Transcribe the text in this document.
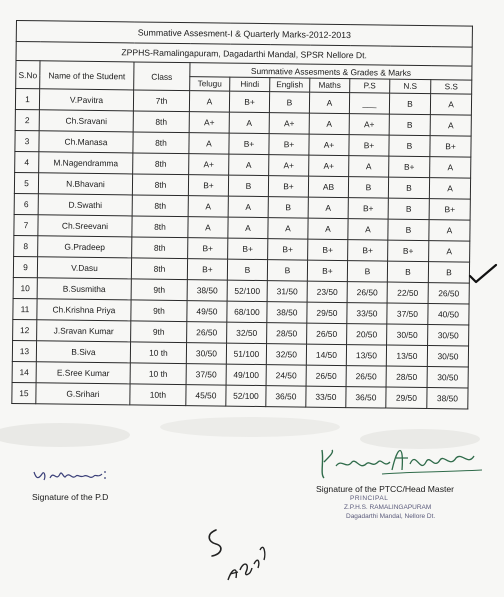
Summative Assesment-I & Quarterly Marks-2012-2013									
ZPPHS-Ramalingapuram, Dagadarthi Mandal, SPSR Nellore Dt.									
S.No	Name of the Student	Class	Summative Assesments & Grades & Marks						
			Telugu	Hindi	English	Maths	P.S	N.S	S.S
1	V.Pavitra	7th	A	B+	B	A	___	B	A
2	Ch.Sravani	8th	A+	A	A+	A	A+	B	A
3	Ch.Manasa	8th	A	B+	B+	A+	B+	B	B+
4	M.Nagendramma	8th	A+	A	A+	A+	A	B+	A
5	N.Bhavani	8th	B+	B	B+	AB	B	B	A
6	D.Swathi	8th	A	A	B	A	B+	B	B+
7	Ch.Sreevani	8th	A	A	A	A	A	B	A
8	G.Pradeep	8th	B+	B+	B+	B+	B+	B+	A
9	V.Dasu	8th	B+	B	B	B+	B	B	B
10	B.Susmitha	9th	38/50	52/100	31/50	23/50	26/50	22/50	26/50
11	Ch.Krishna Priya	9th	49/50	68/100	38/50	29/50	33/50	37/50	40/50
12	J.Sravan Kumar	9th	26/50	32/50	28/50	26/50	20/50	30/50	30/50
13	B.Siva	10 th	30/50	51/100	32/50	14/50	13/50	13/50	30/50
14	E.Sree Kumar	10 th	37/50	49/100	24/50	26/50	26/50	28/50	30/50
15	G.Srihari	10th	45/50	52/100	36/50	33/50	36/50	29/50	38/50
Signature of the P.D
Signature of the PTCC/Head Master
PRINCIPAL
Z.P.H.S. RAMALINGAPURAM
Dagadarthi Mandal, Nellore Dt.
